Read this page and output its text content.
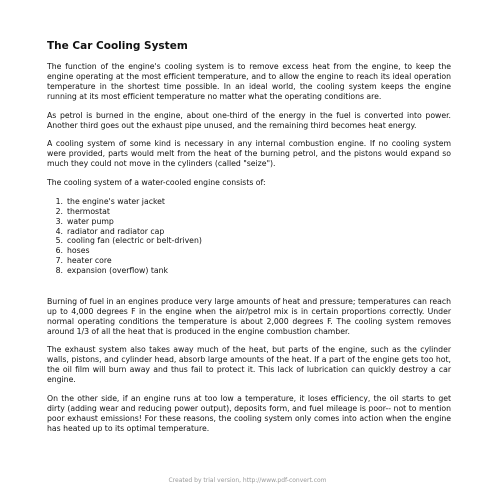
The Car Cooling System

The function of the engine's cooling system is to remove excess heat from the engine, to keep the engine operating at the most efficient temperature, and to allow the engine to reach its ideal operation temperature in the shortest time possible. In an ideal world, the cooling system keeps the engine running at its most efficient temperature no matter what the operating conditions are.

As petrol is burned in the engine, about one-third of the energy in the fuel is converted into power. Another third goes out the exhaust pipe unused, and the remaining third becomes heat energy.

A cooling system of some kind is necessary in any internal combustion engine. If no cooling system were provided, parts would melt from the heat of the burning petrol, and the pistons would expand so much they could not move in the cylinders (called "seize").

The cooling system of a water-cooled engine consists of:

1. the engine's water jacket
2. thermostat
3. water pump
4. radiator and radiator cap
5. cooling fan (electric or belt-driven)
6. hoses
7. heater core
8. expansion (overflow) tank

Burning of fuel in an engines produce very large amounts of heat and pressure; temperatures can reach up to 4,000 degrees F in the engine when the air/petrol mix is in certain proportions correctly. Under normal operating conditions the temperature is about 2,000 degrees F. The cooling system removes around 1/3 of all the heat that is produced in the engine combustion chamber.

The exhaust system also takes away much of the heat, but parts of the engine, such as the cylinder walls, pistons, and cylinder head, absorb large amounts of the heat. If a part of the engine gets too hot, the oil film will burn away and thus fail to protect it. This lack of lubrication can quickly destroy a car engine.

On the other side, if an engine runs at too low a temperature, it loses efficiency, the oil starts to get dirty (adding wear and reducing power output), deposits form, and fuel mileage is poor-- not to mention poor exhaust emissions! For these reasons, the cooling system only comes into action when the engine has heated up to its optimal temperature.

Created by trial version, http://www.pdf-convert.com
